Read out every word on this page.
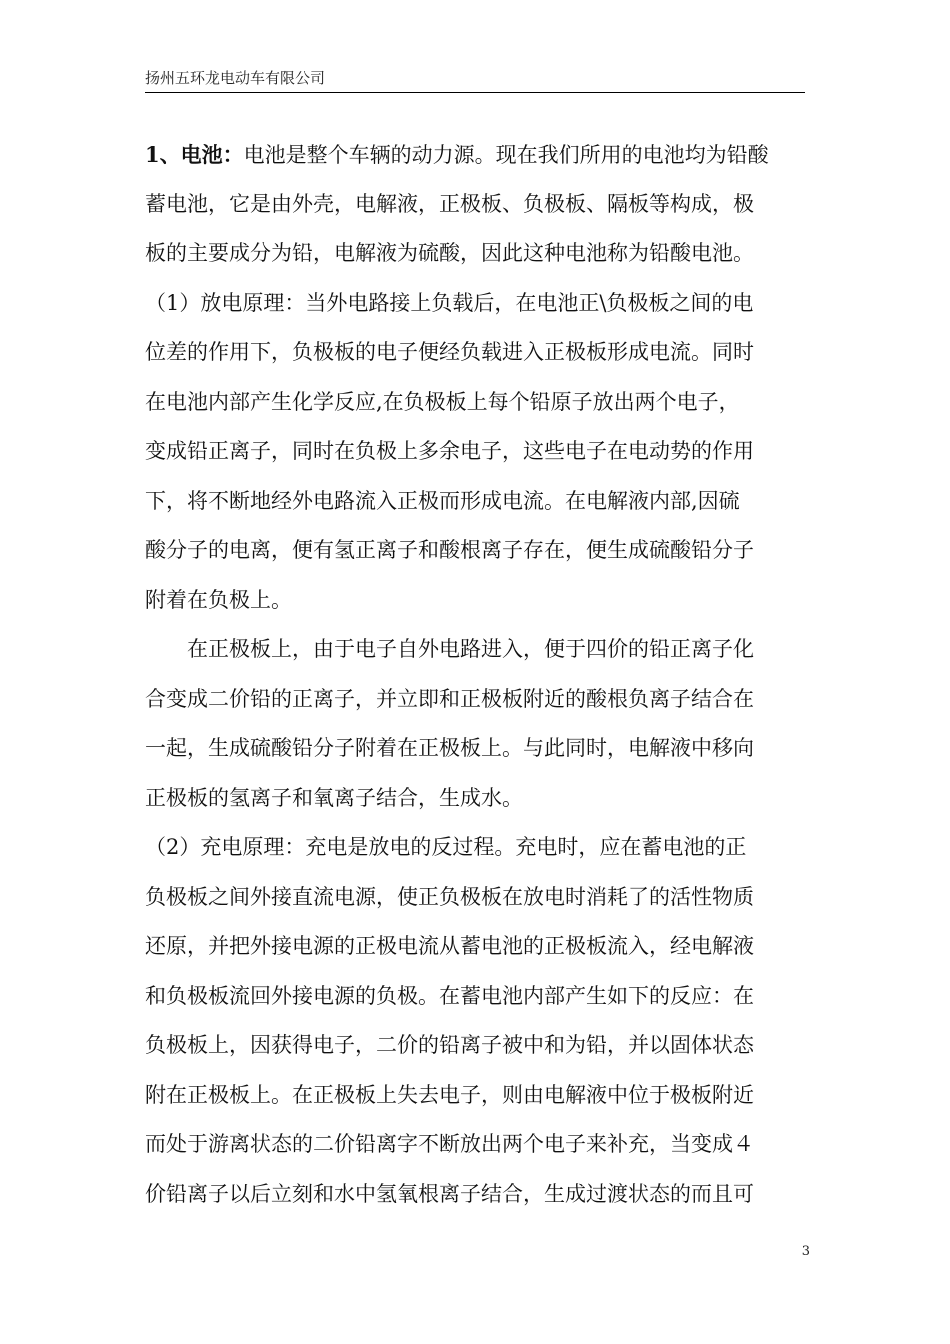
扬州五环龙电动车有限公司
1、电池：电池是整个车辆的动力源。现在我们所用的电池均为铅酸
蓄电池，它是由外壳，电解液，正极板、负极板、隔板等构成，极
板的主要成分为铅，电解液为硫酸，因此这种电池称为铅酸电池。
（1）放电原理：当外电路接上负载后，在电池正\负极板之间的电
位差的作用下，负极板的电子便经负载进入正极板形成电流。同时
在电池内部产生化学反应,在负极板上每个铅原子放出两个电子，
变成铅正离子，同时在负极上多余电子，这些电子在电动势的作用
下，将不断地经外电路流入正极而形成电流。在电解液内部,因硫
酸分子的电离，便有氢正离子和酸根离子存在，便生成硫酸铅分子
附着在负极上。
在正极板上，由于电子自外电路进入，便于四价的铅正离子化
合变成二价铅的正离子，并立即和正极板附近的酸根负离子结合在
一起，生成硫酸铅分子附着在正极板上。与此同时，电解液中移向
正极板的氢离子和氧离子结合，生成水。
（2）充电原理：充电是放电的反过程。充电时，应在蓄电池的正
负极板之间外接直流电源，使正负极板在放电时消耗了的活性物质
还原，并把外接电源的正极电流从蓄电池的正极板流入，经电解液
和负极板流回外接电源的负极。在蓄电池内部产生如下的反应：在
负极板上，因获得电子，二价的铅离子被中和为铅，并以固体状态
附在正极板上。在正极板上失去电子，则由电解液中位于极板附近
而处于游离状态的二价铅离字不断放出两个电子来补充，当变成４
价铅离子以后立刻和水中氢氧根离子结合，生成过渡状态的而且可
3
